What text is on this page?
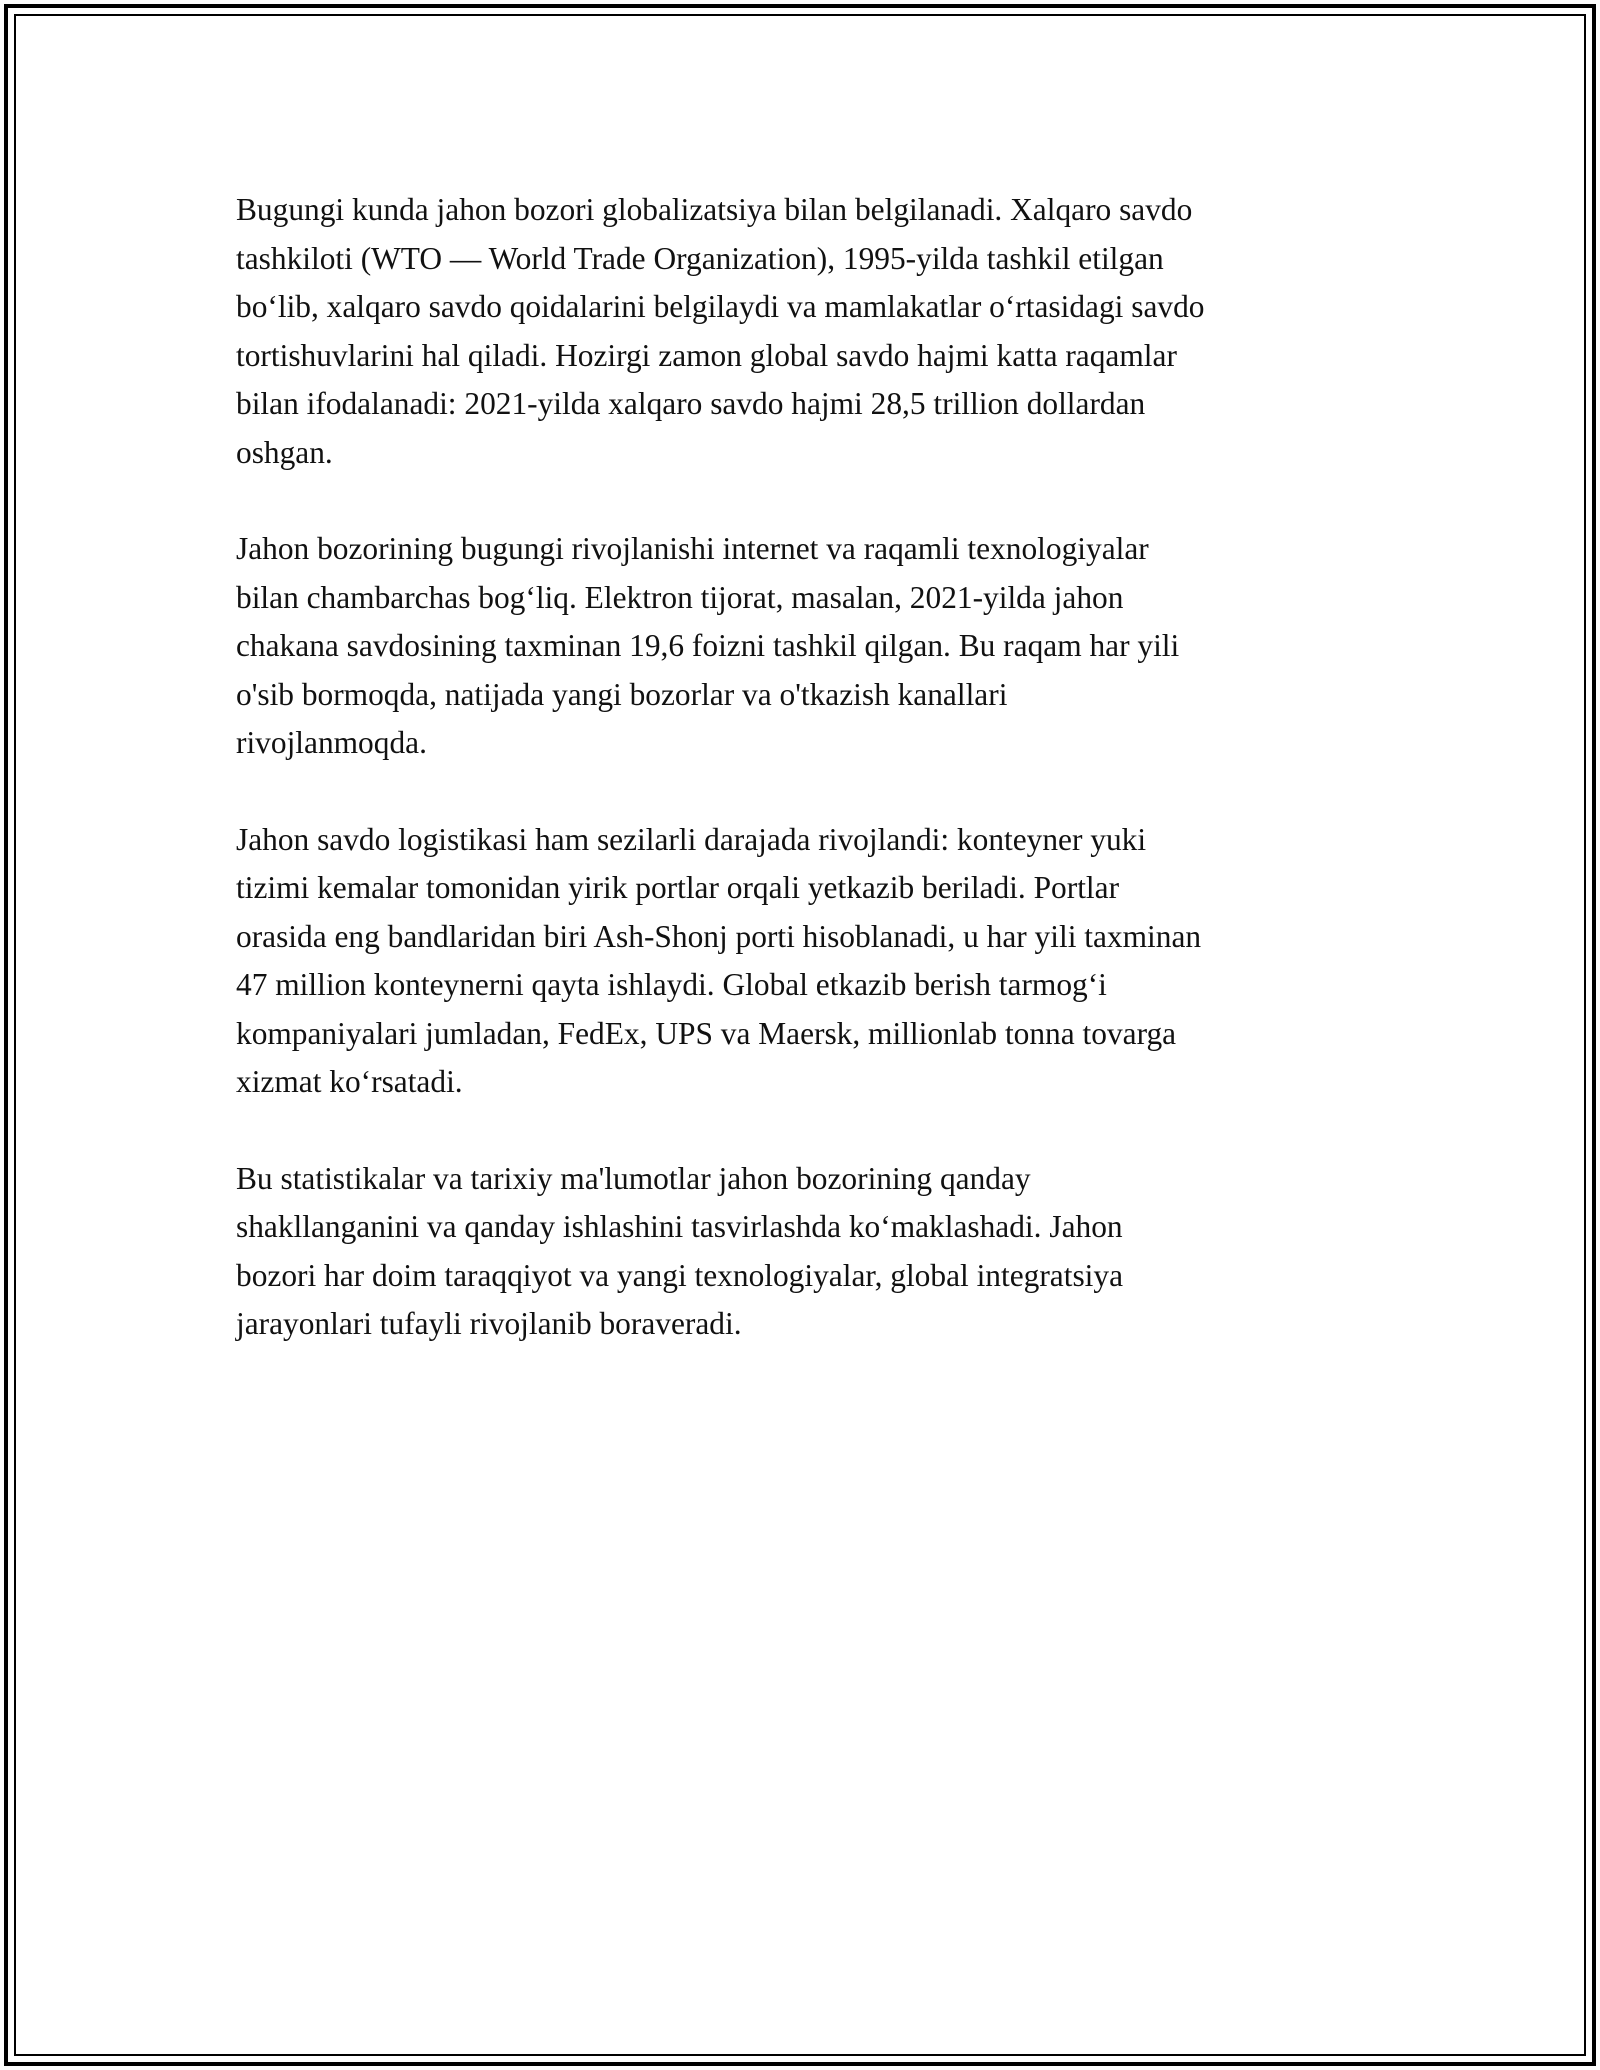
Bugungi kunda jahon bozori globalizatsiya bilan belgilanadi. Xalqaro savdo
tashkiloti (WTO — World Trade Organization), 1995-yilda tashkil etilgan
bo‘lib, xalqaro savdo qoidalarini belgilaydi va mamlakatlar o‘rtasidagi savdo
tortishuvlarini hal qiladi. Hozirgi zamon global savdo hajmi katta raqamlar
bilan ifodalanadi: 2021-yilda xalqaro savdo hajmi 28,5 trillion dollardan
oshgan.

Jahon bozorining bugungi rivojlanishi internet va raqamli texnologiyalar
bilan chambarchas bog‘liq. Elektron tijorat, masalan, 2021-yilda jahon
chakana savdosining taxminan 19,6 foizni tashkil qilgan. Bu raqam har yili
o'sib bormoqda, natijada yangi bozorlar va o'tkazish kanallari
rivojlanmoqda.

Jahon savdo logistikasi ham sezilarli darajada rivojlandi: konteyner yuki
tizimi kemalar tomonidan yirik portlar orqali yetkazib beriladi. Portlar
orasida eng bandlaridan biri Ash-Shonj porti hisoblanadi, u har yili taxminan
47 million konteynerni qayta ishlaydi. Global etkazib berish tarmog‘i
kompaniyalari jumladan, FedEx, UPS va Maersk, millionlab tonna tovarga
xizmat ko‘rsatadi.

Bu statistikalar va tarixiy ma'lumotlar jahon bozorining qanday
shakllanganini va qanday ishlashini tasvirlashda ko‘maklashadi. Jahon
bozori har doim taraqqiyot va yangi texnologiyalar, global integratsiya
jarayonlari tufayli rivojlanib boraveradi.
